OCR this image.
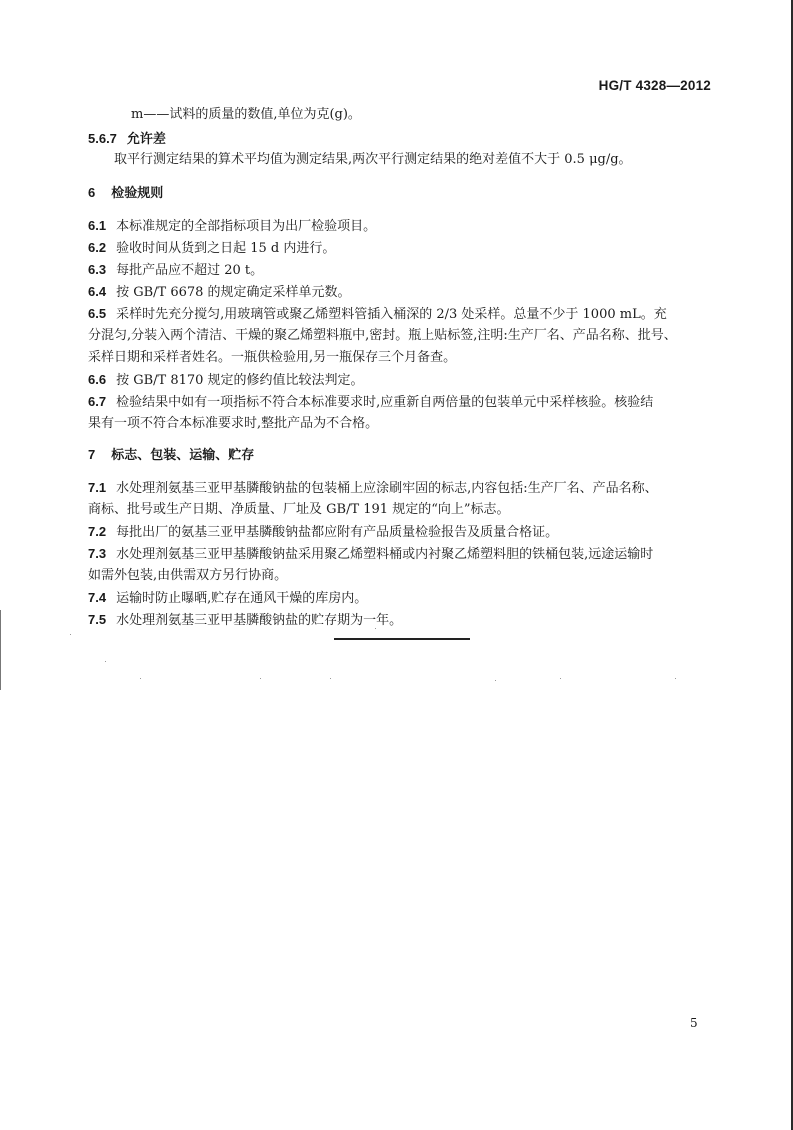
HG/T 4328—2012
m——试料的质量的数值,单位为克(g)。
5.6.7 允许差
取平行测定结果的算术平均值为测定结果,两次平行测定结果的绝对差值不大于 0.5 μg/g。
6 检验规则
6.1 本标准规定的全部指标项目为出厂检验项目。
6.2 验收时间从货到之日起 15 d 内进行。
6.3 每批产品应不超过 20 t。
6.4 按 GB/T 6678 的规定确定采样单元数。
6.5 采样时先充分搅匀,用玻璃管或聚乙烯塑料管插入桶深的 2/3 处采样。总量不少于 1000 mL。充
分混匀,分装入两个清洁、干燥的聚乙烯塑料瓶中,密封。瓶上贴标签,注明:生产厂名、产品名称、批号、
采样日期和采样者姓名。一瓶供检验用,另一瓶保存三个月备查。
6.6 按 GB/T 8170 规定的修约值比较法判定。
6.7 检验结果中如有一项指标不符合本标准要求时,应重新自两倍量的包装单元中采样核验。核验结
果有一项不符合本标准要求时,整批产品为不合格。
7 标志、包装、运输、贮存
7.1 水处理剂氨基三亚甲基膦酸钠盐的包装桶上应涂刷牢固的标志,内容包括:生产厂名、产品名称、
商标、批号或生产日期、净质量、厂址及 GB/T 191 规定的“向上”标志。
7.2 每批出厂的氨基三亚甲基膦酸钠盐都应附有产品质量检验报告及质量合格证。
7.3 水处理剂氨基三亚甲基膦酸钠盐采用聚乙烯塑料桶或内衬聚乙烯塑料胆的铁桶包装,远途运输时
如需外包装,由供需双方另行协商。
7.4 运输时防止曝晒,贮存在通风干燥的库房内。
7.5 水处理剂氨基三亚甲基膦酸钠盐的贮存期为一年。
5
